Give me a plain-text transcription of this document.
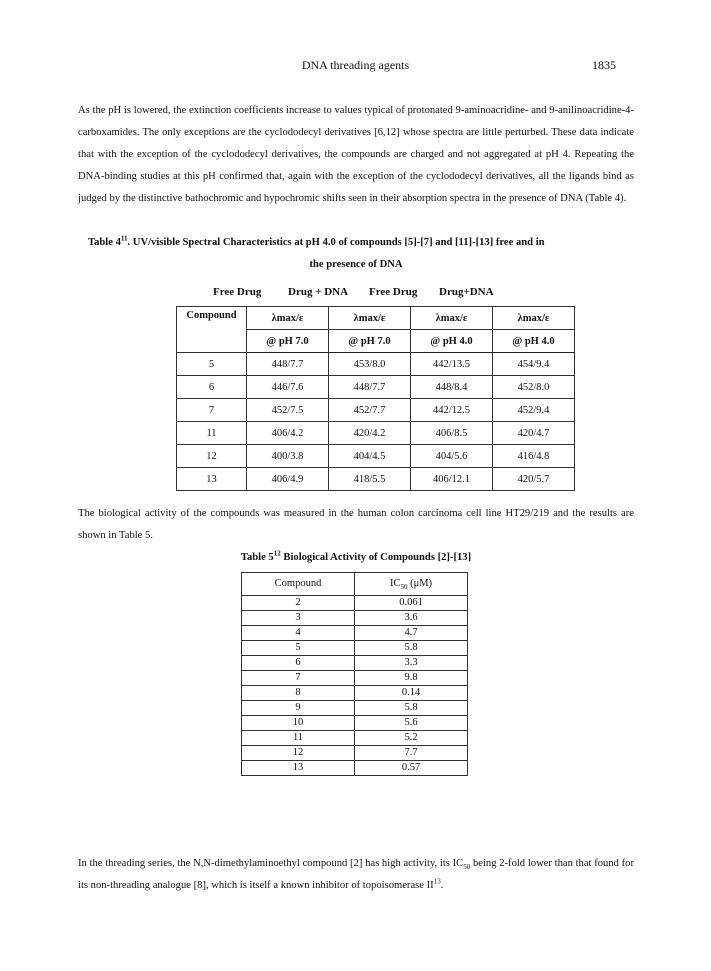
DNA threading agents	1835
As the pH is lowered, the extinction coefficients increase to values typical of protonated 9-aminoacridine- and 9-anilinoacridine-4-carboxamides. The only exceptions are the cyclododecyl derivatives [6,12] whose spectra are little perturbed. These data indicate that with the exception of the cyclododecyl derivatives, the compounds are charged and not aggregated at pH 4. Repeating the DNA-binding studies at this pH confirmed that, again with the exception of the cyclododecyl derivatives, all the ligands bind as judged by the distinctive bathochromic and hypochromic shifts seen in their absorption spectra in the presence of DNA (Table 4).
Table $4^{11}$. UV/visible Spectral Characteristics at pH 4.0 of compounds [5]-[7] and [11]-[13] free and in
the presence of DNA
Free Drug Drug + DNA Free Drug Drug+DNA
Compound	λmax/ε	λmax/ε	λmax/ε	λmax/ε
	@ pH 7.0	@ pH 7.0	@ pH 4.0	@ pH 4.0
5	448/7.7	453/8.0	442/13.5	454/9.4
6	446/7.6	448/7.7	448/8.4	452/8.0
7	452/7.5	452/7.7	442/12.5	452/9.4
11	406/4.2	420/4.2	406/8.5	420/4.7
12	400/3.8	404/4.5	404/5.6	416/4.8
13	406/4.9	418/5.5	406/12.1	420/5.7
The biological activity of the compounds was measured in the human colon carcinoma cell line HT29/219 and the results are shown in Table 5.
Table $5^{12}$ Biological Activity of Compounds [2]-[13]
Compound	$IC_{50}$ (μM)
2	0.061
3	3.6
4	4.7
5	5.8
6	3.3
7	9.8
8	0.14
9	5.8
10	5.6
11	5.2
12	7.7
13	0.57
In the threading series, the N,N-dimethylaminoethyl compound [2] has high activity, its $IC_{50}$ being 2-fold lower than that found for its non-threading analogue [8], which is itself a known inhibitor of topoisomerase II$^{13}$.
